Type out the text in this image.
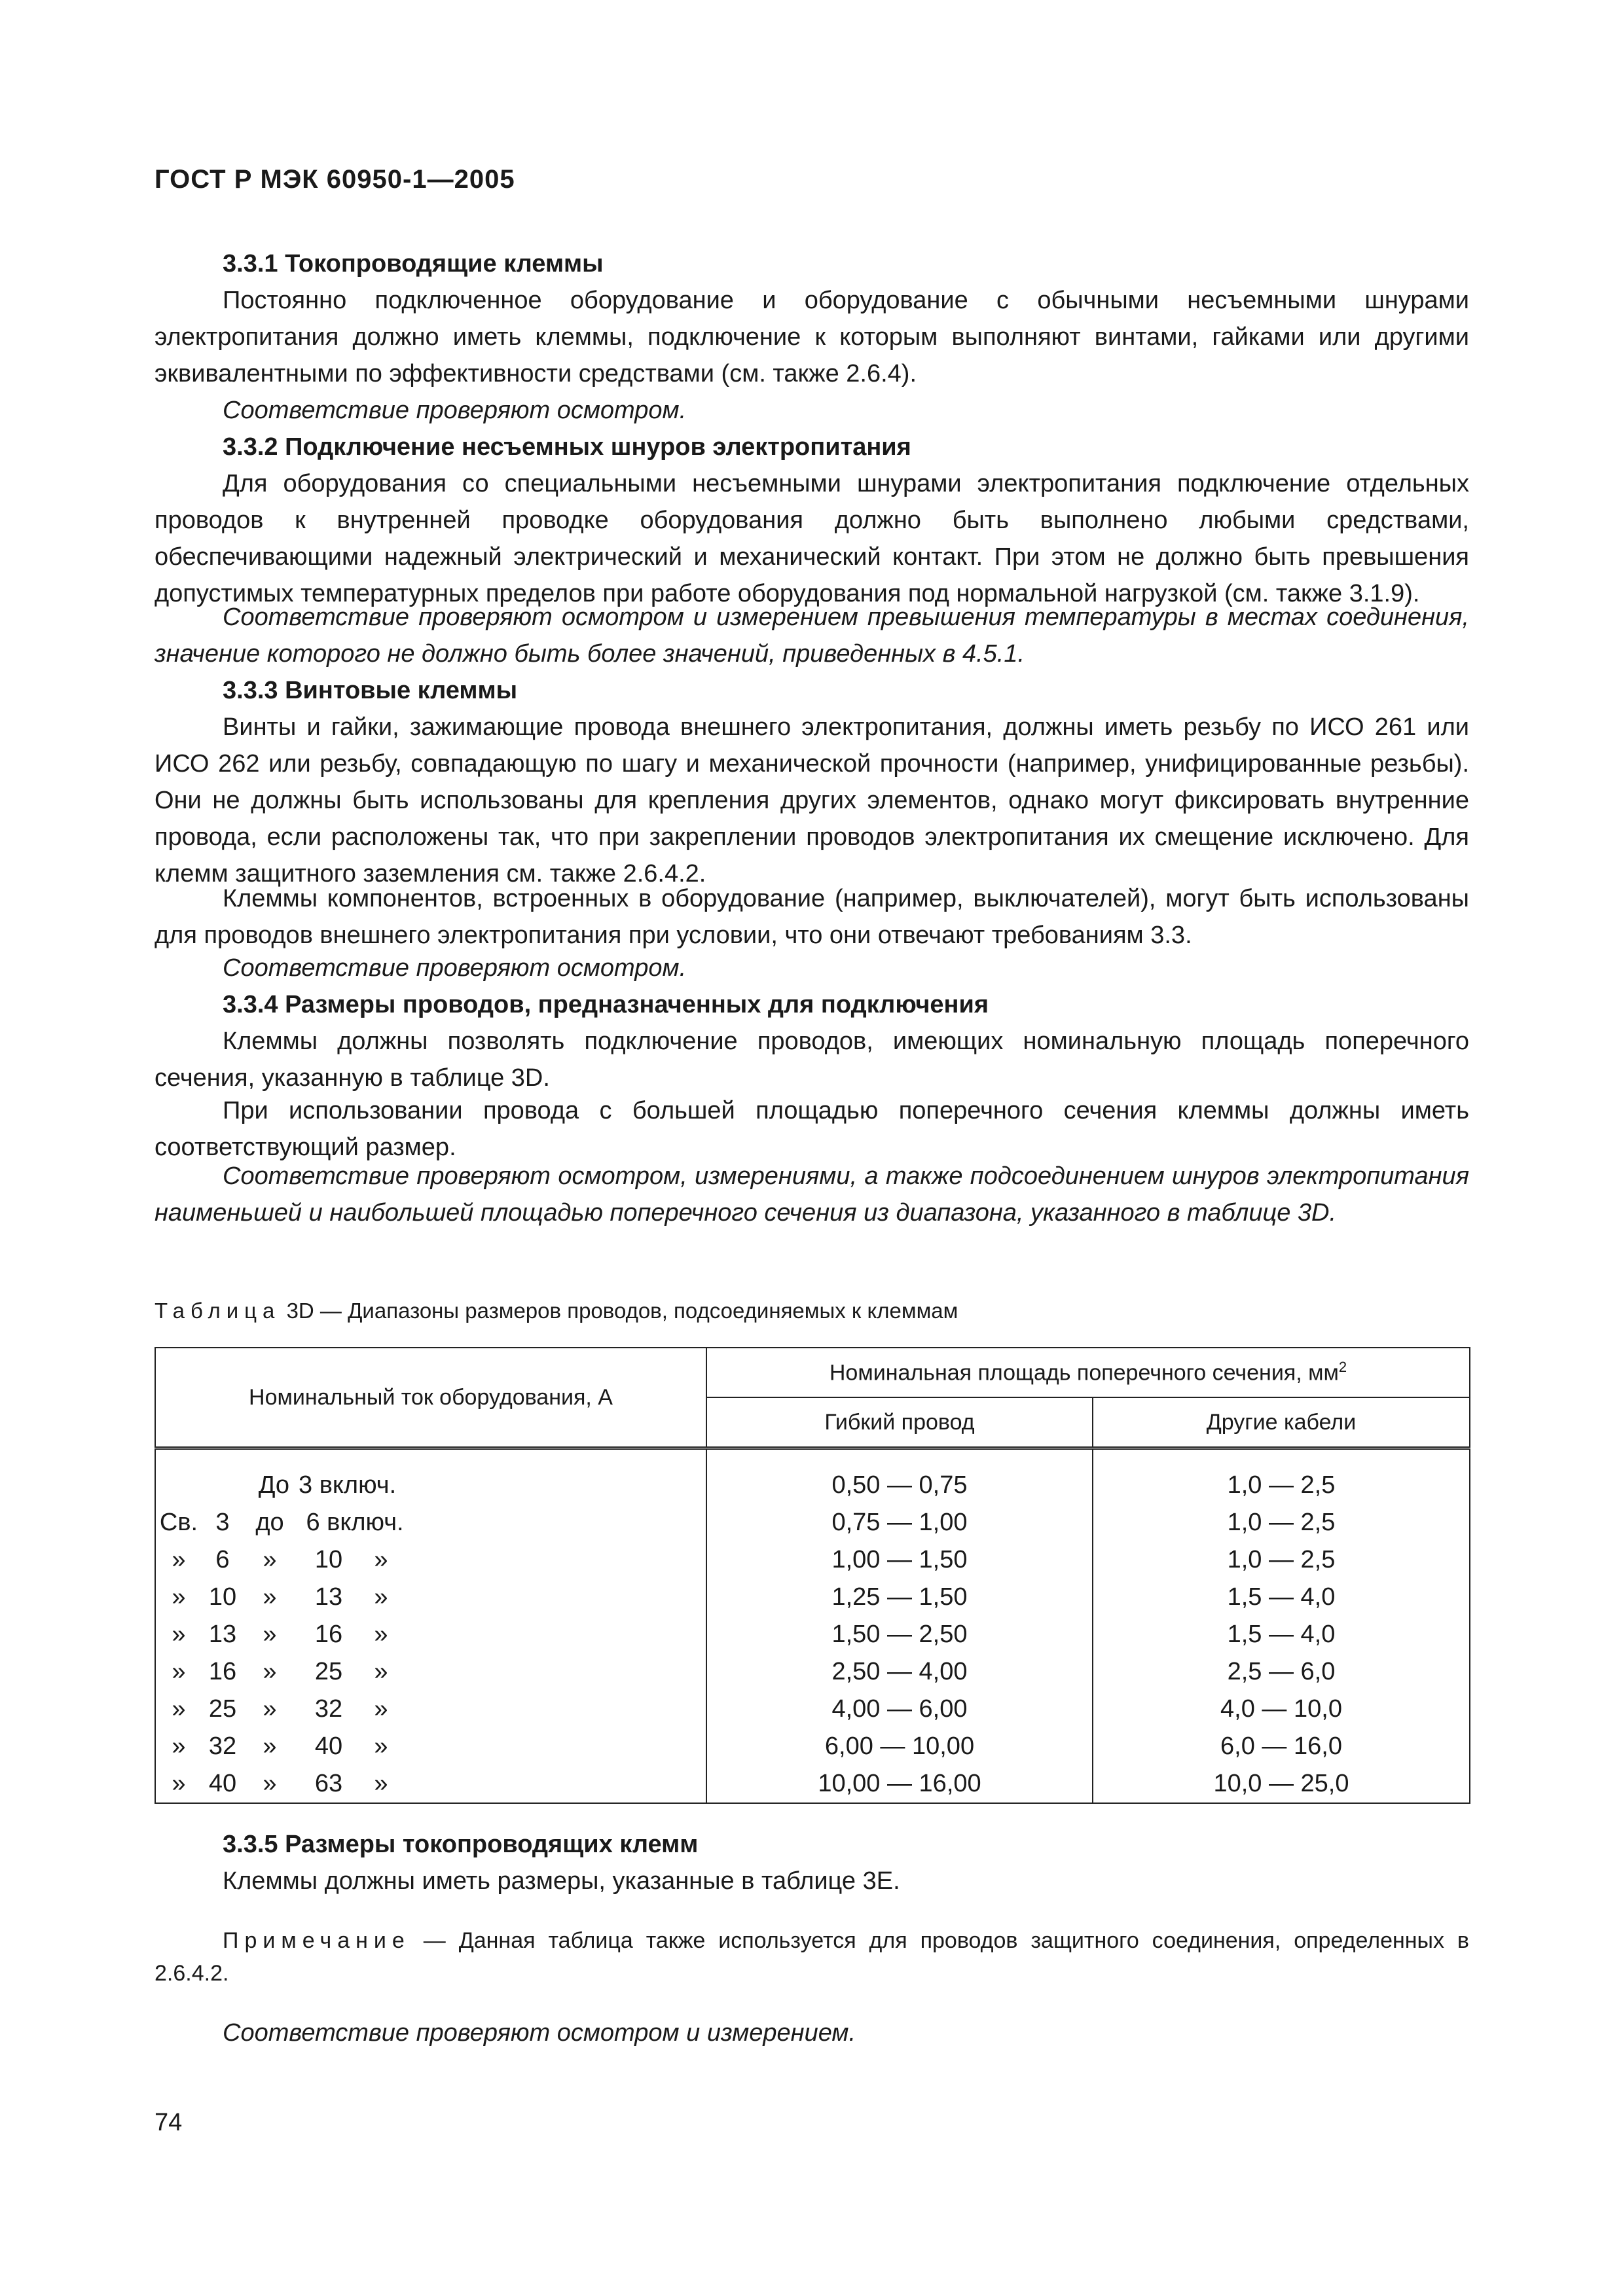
ГОСТ Р МЭК 60950-1—2005
3.3.1 Токопроводящие клеммы
Постоянно подключенное оборудование и оборудование с обычными несъемными шнурами электропитания должно иметь клеммы, подключение к которым выполняют винтами, гайками или другими эквивалентными по эффективности средствами (см. также 2.6.4).
Соответствие проверяют осмотром.
3.3.2 Подключение несъемных шнуров электропитания
Для оборудования со специальными несъемными шнурами электропитания подключение отдельных проводов к внутренней проводке оборудования должно быть выполнено любыми средствами, обеспечивающими надежный электрический и механический контакт. При этом не должно быть превышения допустимых температурных пределов при работе оборудования под нормальной нагрузкой (см. также 3.1.9).
Соответствие проверяют осмотром и измерением превышения температуры в местах соединения, значение которого не должно быть более значений, приведенных в 4.5.1.
3.3.3 Винтовые клеммы
Винты и гайки, зажимающие провода внешнего электропитания, должны иметь резьбу по ИСО 261 или ИСО 262 или резьбу, совпадающую по шагу и механической прочности (например, унифицированные резьбы). Они не должны быть использованы для крепления других элементов, однако могут фиксировать внутренние провода, если расположены так, что при закреплении проводов электропитания их смещение исключено. Для клемм защитного заземления см. также 2.6.4.2.
Клеммы компонентов, встроенных в оборудование (например, выключателей), могут быть использованы для проводов внешнего электропитания при условии, что они отвечают требованиям 3.3.
Соответствие проверяют осмотром.
3.3.4 Размеры проводов, предназначенных для подключения
Клеммы должны позволять подключение проводов, имеющих номинальную площадь поперечного сечения, указанную в таблице 3D.
При использовании провода с большей площадью поперечного сечения клеммы должны иметь соответствующий размер.
Соответствие проверяют осмотром, измерениями, а также подсоединением шнуров электропитания наименьшей и наибольшей площадью поперечного сечения из диапазона, указанного в таблице 3D.
Таблица 3D — Диапазоны размеров проводов, подсоединяемых к клеммам
Номинальный ток оборудования, А	Номинальная площадь поперечного сечения, $мм^2$
	Гибкий провод	Другие кабели

До 3 включ.	0,50 — 0,75	1,0 — 2,5
Св. 3 до 6 включ.	0,75 — 1,00	1,0 — 2,5
» 6 » 10 »	1,00 — 1,50	1,0 — 2,5
» 10 » 13 »	1,25 — 1,50	1,5 — 4,0
» 13 » 16 »	1,50 — 2,50	1,5 — 4,0
» 16 » 25 »	2,50 — 4,00	2,5 — 6,0
» 25 » 32 »	4,00 — 6,00	4,0 — 10,0
» 32 » 40 »	6,00 — 10,00	6,0 — 16,0
» 40 » 63 »	10,00 — 16,00	10,0 — 25,0
3.3.5 Размеры токопроводящих клемм
Клеммы должны иметь размеры, указанные в таблице 3E.
Примечание — Данная таблица также используется для проводов защитного соединения, определенных в 2.6.4.2.
Соответствие проверяют осмотром и измерением.
74
